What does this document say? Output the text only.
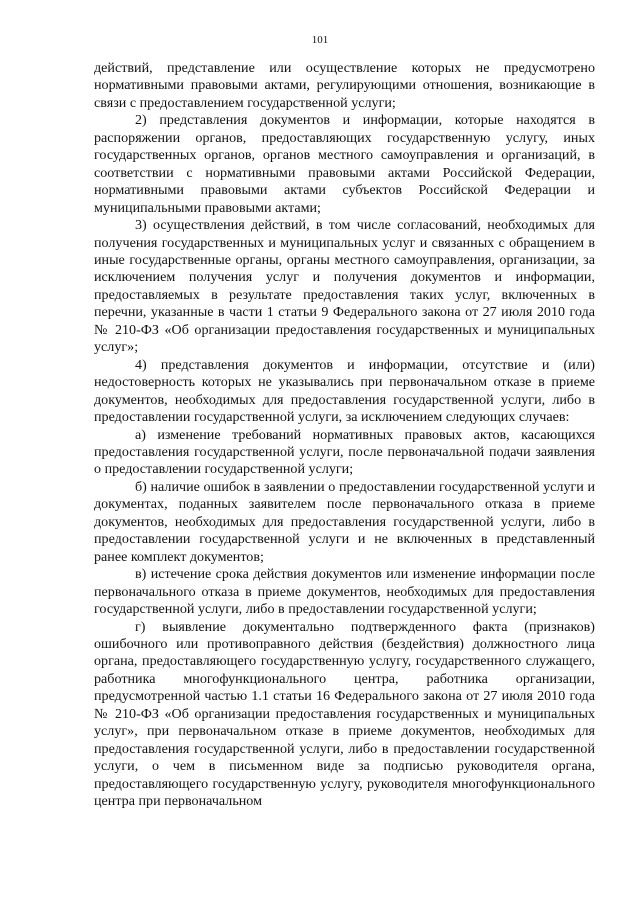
101

действий, представление или осуществление которых не предусмотрено нормативными правовыми актами, регулирующими отношения, возникающие в связи с предоставлением государственной услуги;

2) представления документов и информации, которые находятся в распоряжении органов, предоставляющих государственную услугу, иных государственных органов, органов местного самоуправления и организаций, в соответствии с нормативными правовыми актами Российской Федерации, нормативными правовыми актами субъектов Российской Федерации и муниципальными правовыми актами;

3) осуществления действий, в том числе согласований, необходимых для получения государственных и муниципальных услуг и связанных с обращением в иные государственные органы, органы местного самоуправления, организации, за исключением получения услуг и получения документов и информации, предоставляемых в результате предоставления таких услуг, включенных в перечни, указанные в части 1 статьи 9 Федерального закона от 27 июля 2010 года № 210-ФЗ «Об организации предоставления государственных и муниципальных услуг»;

4) представления документов и информации, отсутствие и (или) недостоверность которых не указывались при первоначальном отказе в приеме документов, необходимых для предоставления государственной услуги, либо в предоставлении государственной услуги, за исключением следующих случаев:

а) изменение требований нормативных правовых актов, касающихся предоставления государственной услуги, после первоначальной подачи заявления о предоставлении государственной услуги;

б) наличие ошибок в заявлении о предоставлении государственной услуги и документах, поданных заявителем после первоначального отказа в приеме документов, необходимых для предоставления государственной услуги, либо в предоставлении государственной услуги и не включенных в представленный ранее комплект документов;

в) истечение срока действия документов или изменение информации после первоначального отказа в приеме документов, необходимых для предоставления государственной услуги, либо в предоставлении государственной услуги;

г) выявление документально подтвержденного факта (признаков) ошибочного или противоправного действия (бездействия) должностного лица органа, предоставляющего государственную услугу, государственного служащего, работника многофункционального центра, работника организации, предусмотренной частью 1.1 статьи 16 Федерального закона от 27 июля 2010 года № 210-ФЗ «Об организации предоставления государственных и муниципальных услуг», при первоначальном отказе в приеме документов, необходимых для предоставления государственной услуги, либо в предоставлении государственной услуги, о чем в письменном виде за подписью руководителя органа, предоставляющего государственную услугу, руководителя многофункционального центра при первоначальном
